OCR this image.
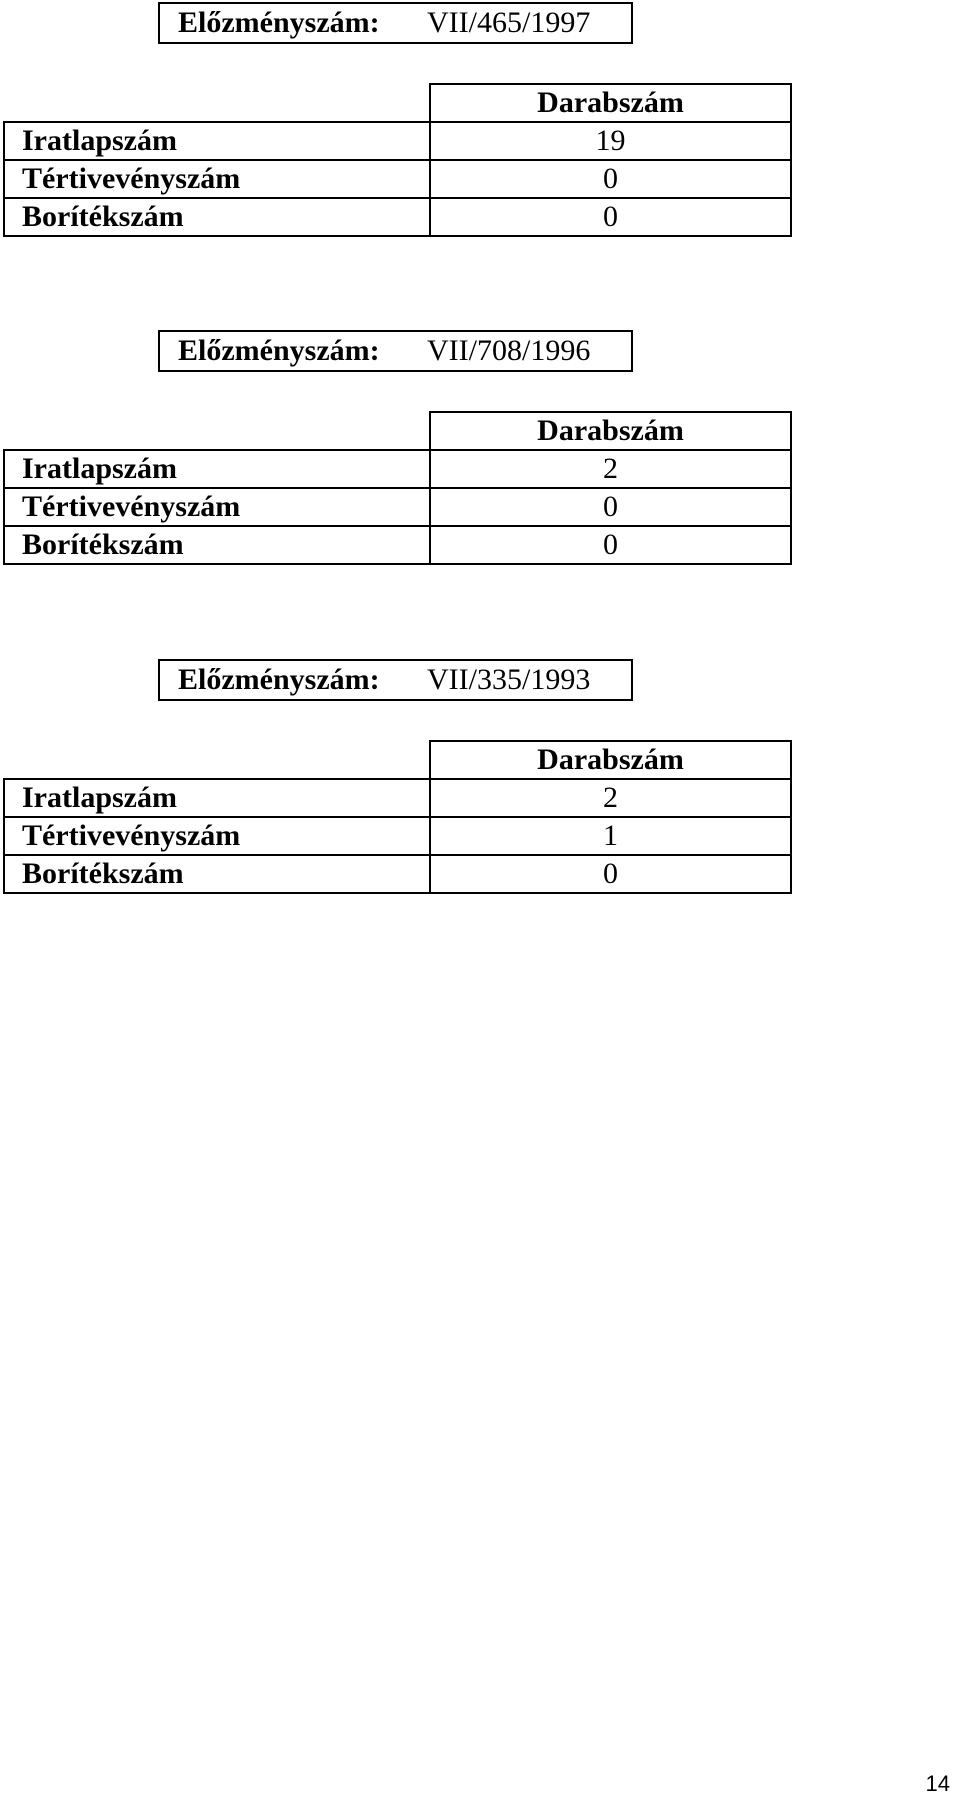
Előzményszám: VII/465/1997
	Darabszám
Iratlapszám	19
Tértivevényszám	0
Borítékszám	0
Előzményszám: VII/708/1996
	Darabszám
Iratlapszám	2
Tértivevényszám	0
Borítékszám	0
Előzményszám: VII/335/1993
	Darabszám
Iratlapszám	2
Tértivevényszám	1
Borítékszám	0
14
